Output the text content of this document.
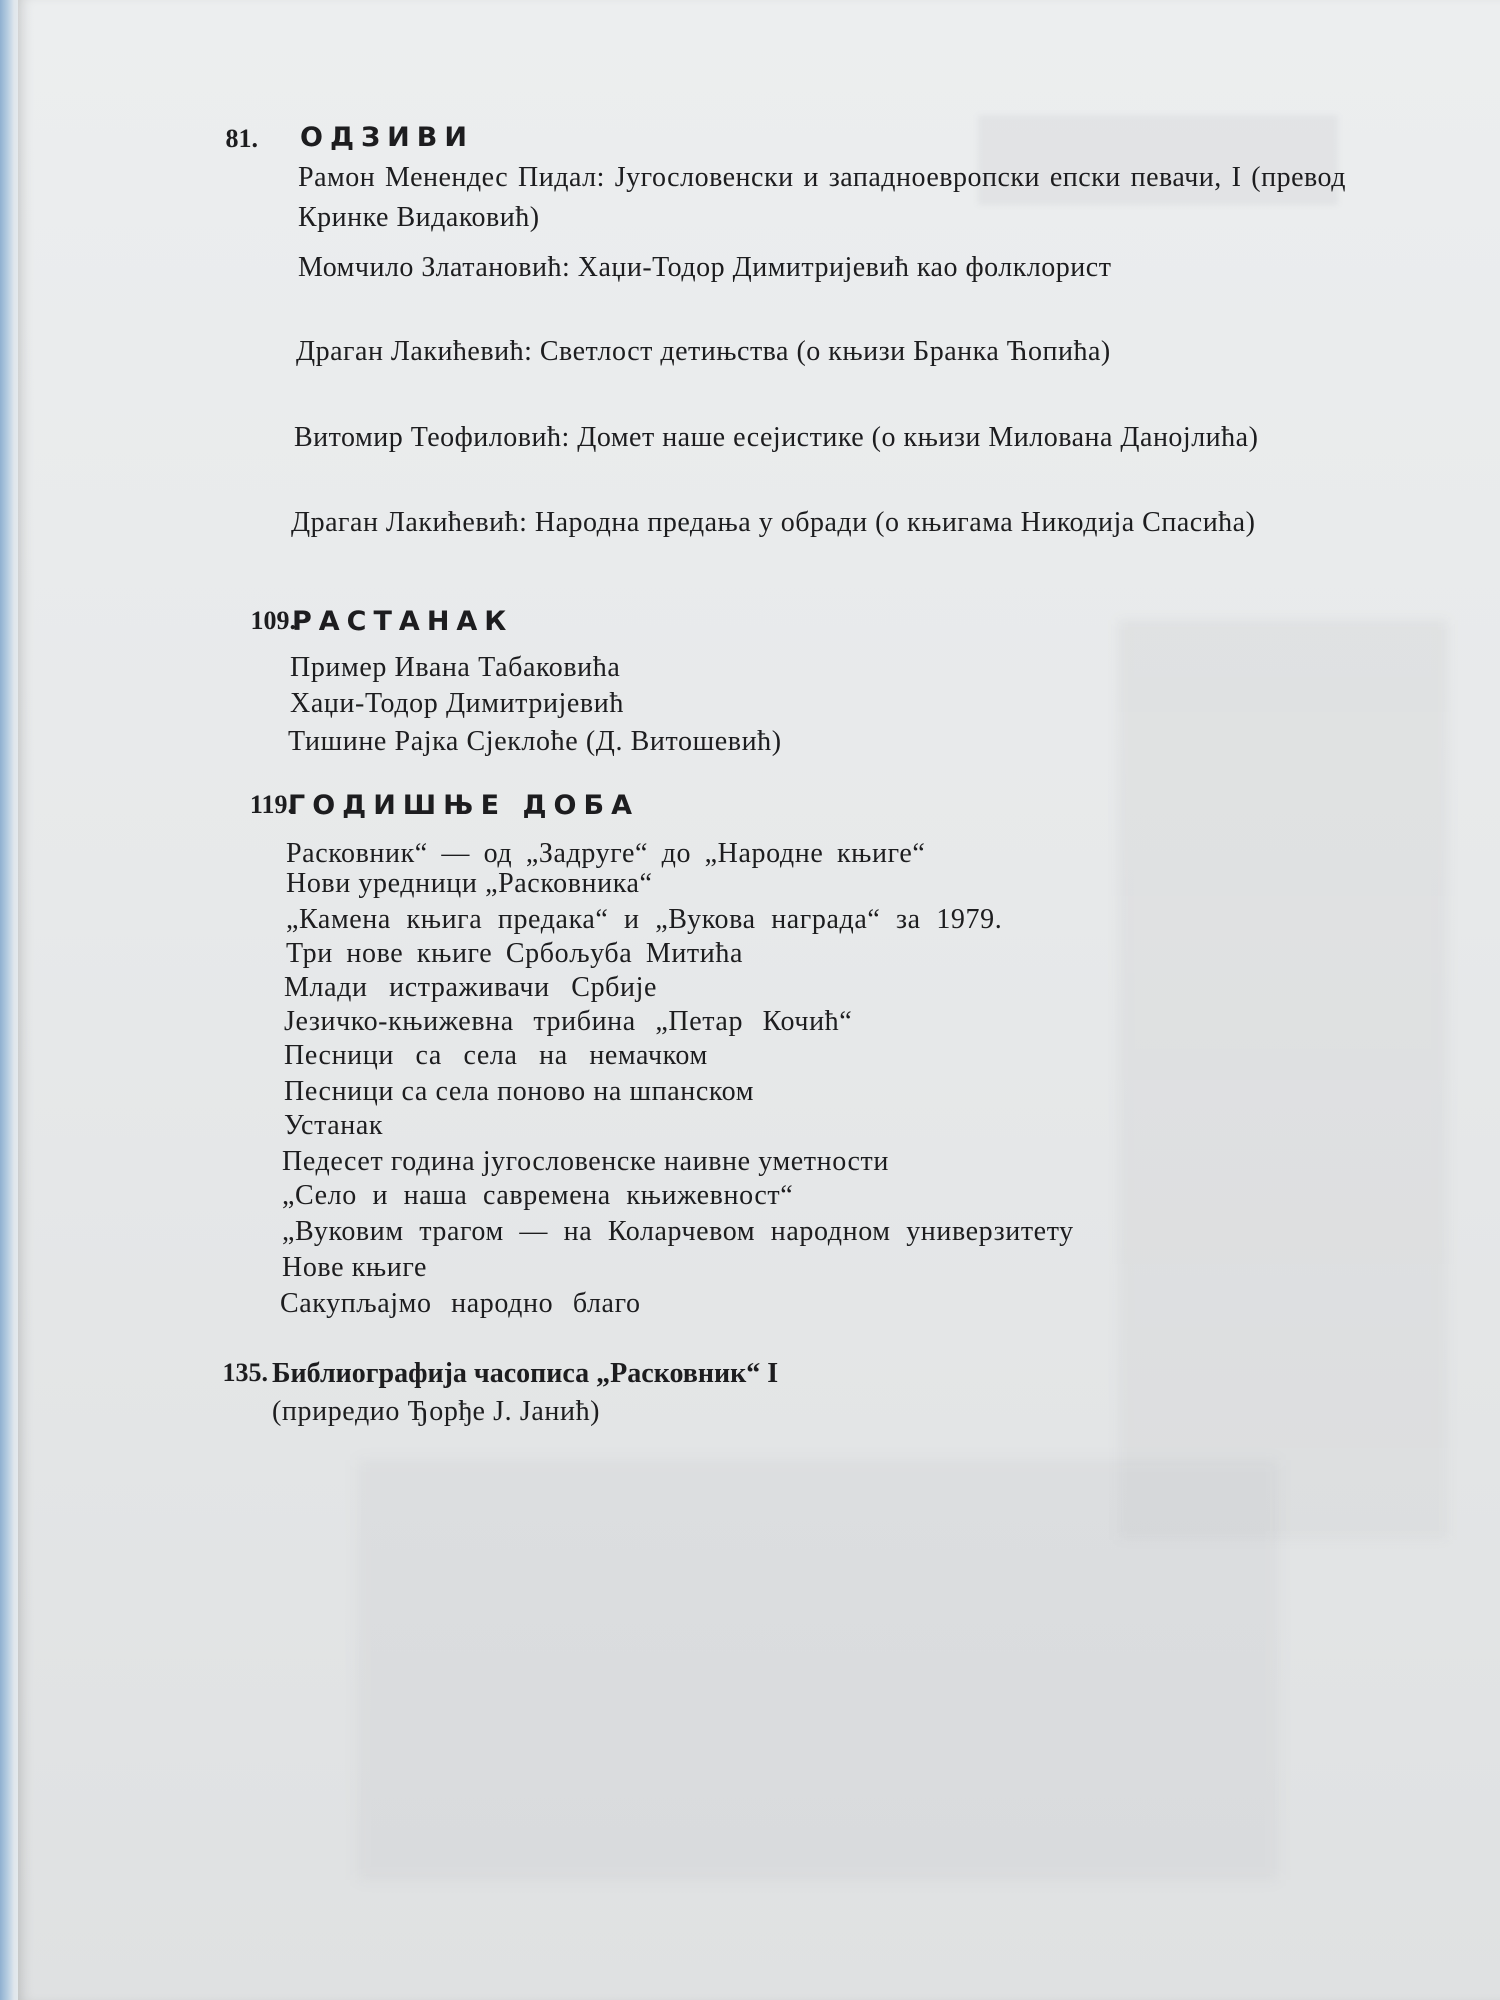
81. ОДЗИВИ
Рамон Менендес Пидал: Југословенски и западноевропски епски певачи, I (превод Кринке Видаковић)
Момчило Златановић: Хаџи-Тодор Димитријевић као фолклорист
Драган Лакићевић: Светлост детињства (о књизи Бранка Ћопића)
Витомир Теофиловић: Домет наше есејистике (о књизи Милована Данојлића)
Драган Лакићевић: Народна предања у обради (о књигама Никодија Спасића)
109.
РАСТАНАК
Пример Ивана Табаковића
Хаџи-Тодор Димитријевић
Тишине Рајка Сјеклоће (Д. Витошевић)
119.
ГОДИШЊЕ ДОБА
Расковник“ — од „Задруге“ до „Народне књиге“
Нови уредници „Расковника“
„Камена књига предака“ и „Вукова награда“ за 1979.
Три нове књиге Србољуба Митића
Млади истраживачи Србије
Језичко-књижевна трибина „Петар Кочић“
Песници са села на немачком
Песници са села поново на шпанском
Устанак
Педесет година југословенске наивне уметности
„Село и наша савремена књижевност“
„Вуковим трагом — на Коларчевом народном универзитету
Нове књиге
Сакупљајмо народно благо
135. Библиографија часописа „Расковник“ I
(приредио Ђорђе Ј. Јанић)
